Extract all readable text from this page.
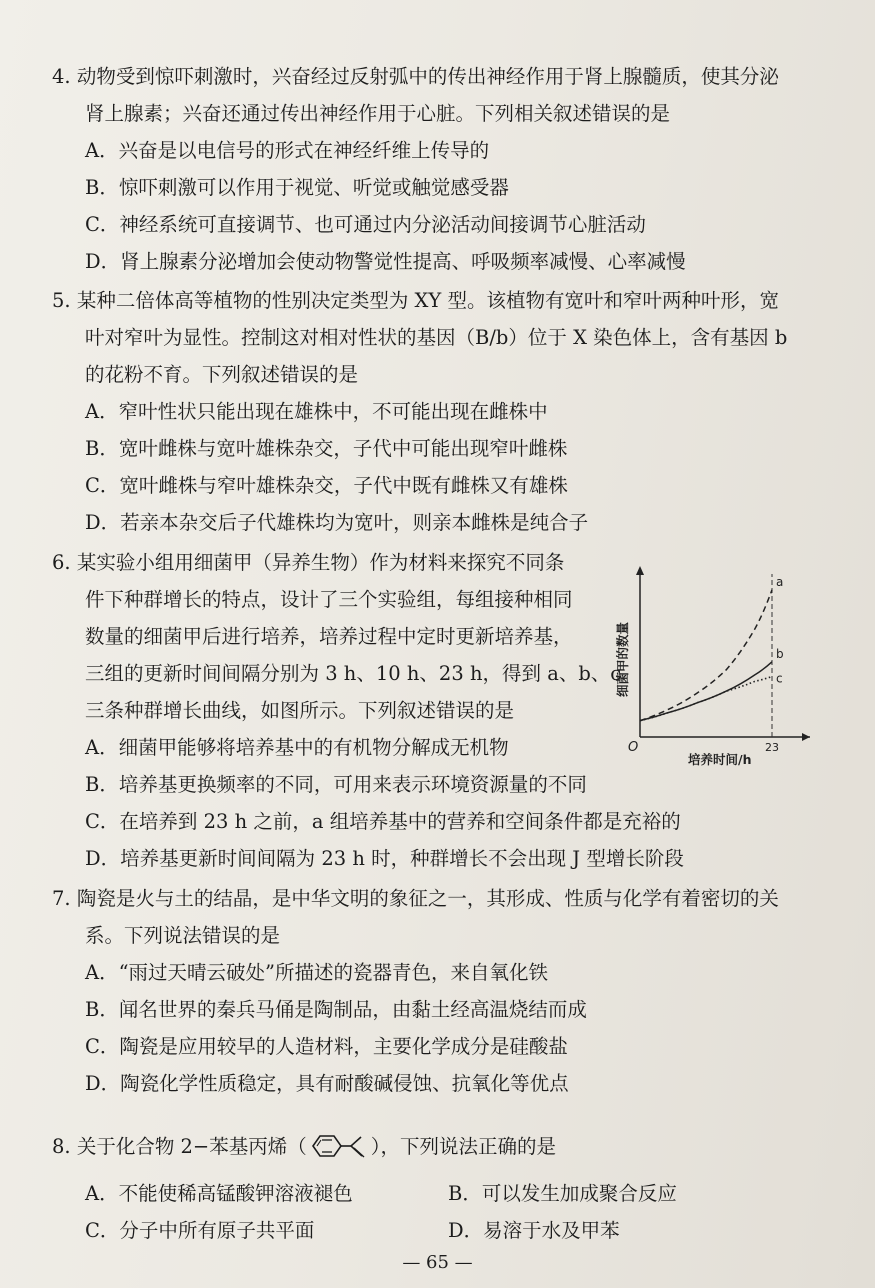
4. 动物受到惊吓刺激时，兴奋经过反射弧中的传出神经作用于肾上腺髓质，使其分泌
肾上腺素；兴奋还通过传出神经作用于心脏。下列相关叙述错误的是
A．兴奋是以电信号的形式在神经纤维上传导的
B．惊吓刺激可以作用于视觉、听觉或触觉感受器
C．神经系统可直接调节、也可通过内分泌活动间接调节心脏活动
D．肾上腺素分泌增加会使动物警觉性提高、呼吸频率减慢、心率减慢
5. 某种二倍体高等植物的性别决定类型为 XY 型。该植物有宽叶和窄叶两种叶形，宽
叶对窄叶为显性。控制这对相对性状的基因（B/b）位于 X 染色体上，含有基因 b
的花粉不育。下列叙述错误的是
A．窄叶性状只能出现在雄株中，不可能出现在雌株中
B．宽叶雌株与宽叶雄株杂交，子代中可能出现窄叶雌株
C．宽叶雌株与窄叶雄株杂交，子代中既有雌株又有雄株
D．若亲本杂交后子代雄株均为宽叶，则亲本雌株是纯合子
6. 某实验小组用细菌甲（异养生物）作为材料来探究不同条
件下种群增长的特点，设计了三个实验组，每组接种相同
数量的细菌甲后进行培养，培养过程中定时更新培养基，
三组的更新时间间隔分别为 3 h、10 h、23 h，得到 a、b、c
三条种群增长曲线，如图所示。下列叙述错误的是
A．细菌甲能够将培养基中的有机物分解成无机物
B．培养基更换频率的不同，可用来表示环境资源量的不同
C．在培养到 23 h 之前，a 组培养基中的营养和空间条件都是充裕的
D．培养基更新时间间隔为 23 h 时，种群增长不会出现 J 型增长阶段
a
b
c
O	23
培养时间/h
细菌甲的数量
7. 陶瓷是火与土的结晶，是中华文明的象征之一，其形成、性质与化学有着密切的关
系。下列说法错误的是
A．“雨过天晴云破处”所描述的瓷器青色，来自氧化铁
B．闻名世界的秦兵马俑是陶制品，由黏土经高温烧结而成
C．陶瓷是应用较早的人造材料，主要化学成分是硅酸盐
D．陶瓷化学性质稳定，具有耐酸碱侵蚀、抗氧化等优点
8. 关于化合物 2−苯基丙烯（	），下列说法正确的是
A．不能使稀高锰酸钾溶液褪色	B．可以发生加成聚合反应
C．分子中所有原子共平面	D．易溶于水及甲苯
— 65 —
